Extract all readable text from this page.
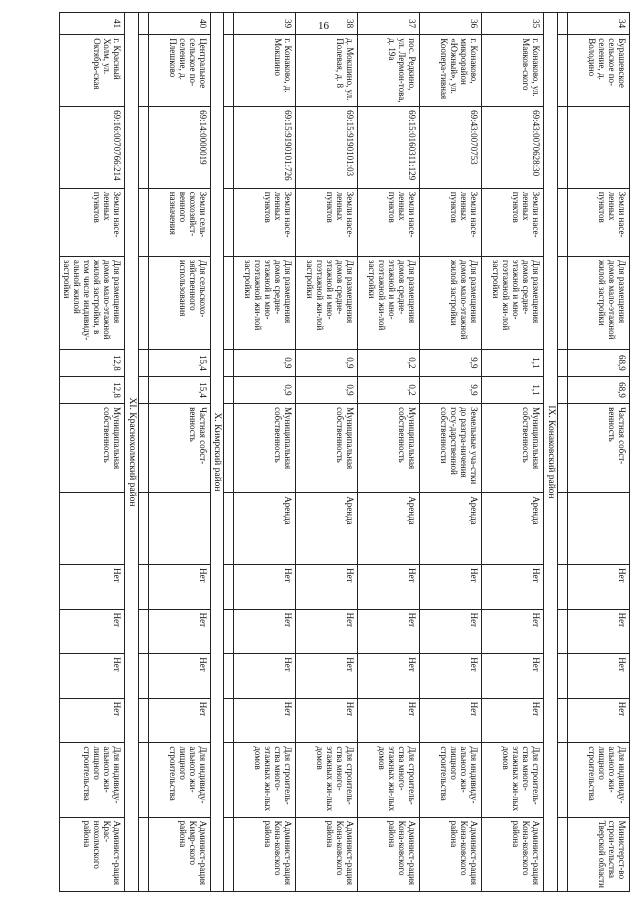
16	34	Бурашевское сельское по-селение, д. Володино		Земли насе-ленных пунктов	Для размещения домов мало-этажной жилой застройки	68,9	68,9	Частная собст-венность		Нет	Нет	Нет	Нет	Для индивиду-ального жи-лищного строительства	Министерст-во строи-тельства Тверской области

IX. Конаковский район														
35	г. Конаково, ул. Маяков-ского	69:43:0070628:30	Земли насе-ленных пунктов	Для размещения домов средне-этажной и мно-гоэтажной жи-лой застройки	1,1	1,1	Муниципальная собственность	Аренда	Нет	Нет	Нет	Нет	Для строитель-ства много-этажных жи-лых домов	Админист-рация Кона-ковского района
36	г. Конаково, микрорайон «Южный», ул. Коопера-тивная	69:43:0070753	Земли насе-ленных пунктов	Для размещения домов мало-этажной жилой застройки	9,9	9,9	Земельные уча-стки до разгра-ничения госу-дарственной собственности	Аренда	Нет	Нет	Нет	Нет	Для индивиду-ального жи-лищного строительства	Админист-рация Кона-ковского района
37	пос. Редкино, ул. Лермон-това, д. 19а	69:15:0160311:129	Земли насе-ленных пунктов	Для размещения домов средне-этажной и мно-гоэтажной жи-лой застройки	0,2	0,2	Муниципальная собственность	Аренда	Нет	Нет	Нет	Нет	Для строитель-ства много-этажных жи-лых домов	Админист-рация Кона-ковского района
38	д. Мокшино, ул. Полевая, д. 8	69:15:9190101:03	Земли насе-ленных пунктов	Для размещения домов средне-этажной и мно-гоэтажной жи-лой застройки	0,9	0,9	Муниципальная собственность	Аренда	Нет	Нет	Нет	Нет	Для строитель-ства много-этажных жи-лых домов	Админист-рация Кона-ковского района
39	г. Конаково, д. Мокшино	69:15:9190101:726	Земли насе-ленных пунктов	Для размещения домов средне-этажной и мно-гоэтажной жи-лой застройки	0,9	0,9	Муниципальная собственность	Аренда	Нет	Нет	Нет	Нет	Для строитель-ства много-этажных жи-лых домов	Админист-рация Кона-ковского района

X. Кимрский район														
40	Центральное сельское по-селение, д. Плешково	69:14:0000019	Земли сель-скохозяйст-венного назначения	Для сельскохо-зяйственного использования	15,4	15,4	Частная собст-венность		Нет	Нет	Нет	Нет	Для индивиду-ального жи-лищного строительства	Админист-рация Кимр-ского района

XI. Краснохолмский район														
41	г. Красный Холм, ул. Октябрь-ская	69:16:0070766:214	Земли насе-ленных пунктов	Для размещения домов мало-этажной жилой застройки, в том числе индивиду-альной жилой застройки	12,8	12,8	Муниципальная собственность		Нет	Нет	Нет	Нет	Для индивиду-ального жи-лищного строительства	Админист-рация Крас-нохолмского района
